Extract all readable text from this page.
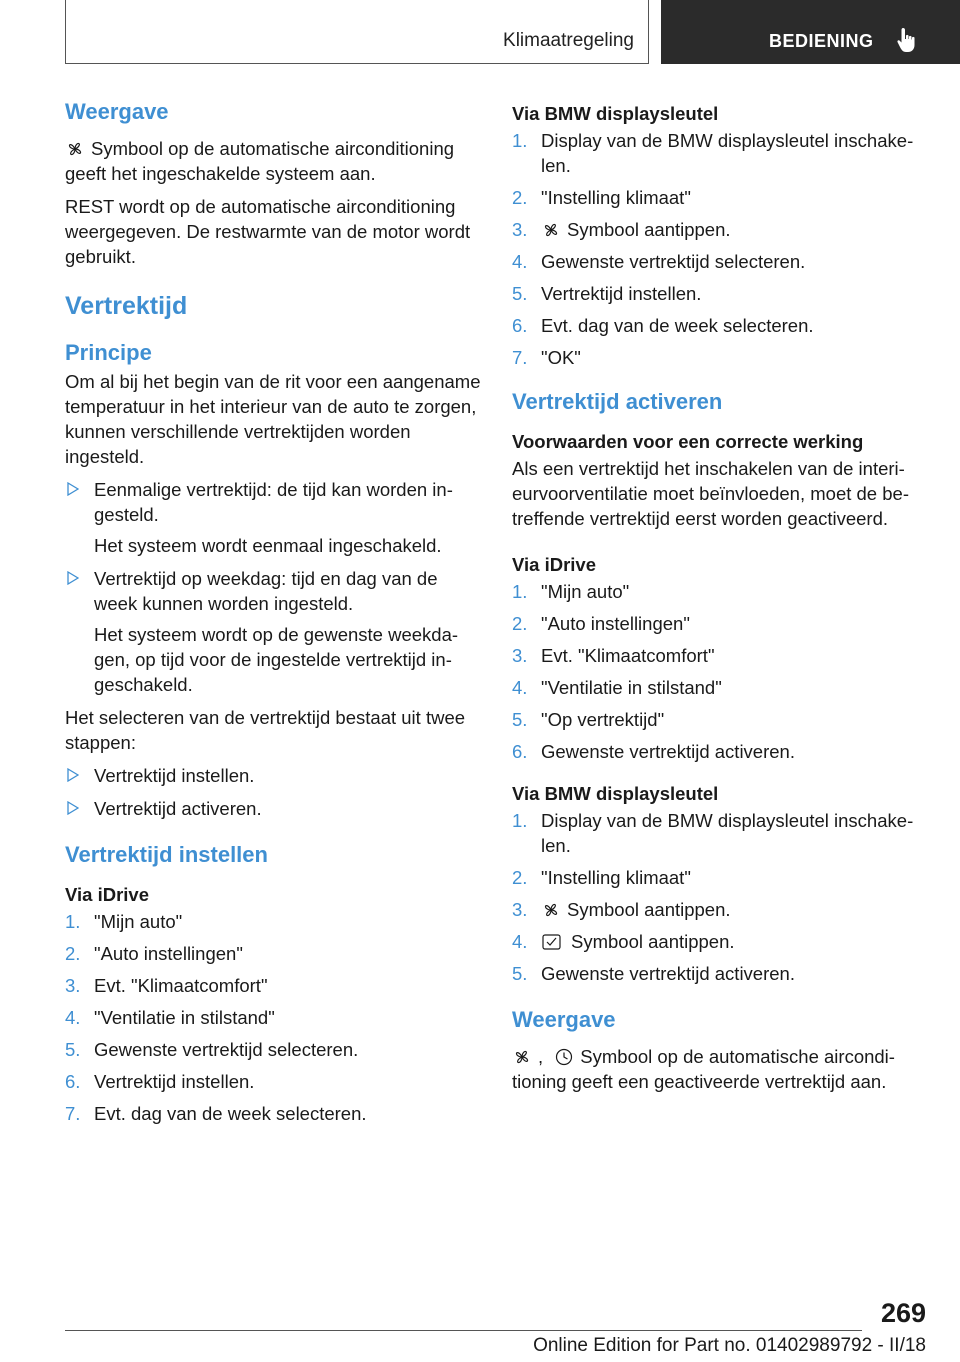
Klimaatregeling	BEDIENING
Weergave

Symbool op de automatische airconditioning geeft het ingeschakelde systeem aan.

REST wordt op de automatische airconditioning weergegeven. De restwarmte van de motor wordt gebruikt.

Vertrektijd
Principe

Om al bij het begin van de rit voor een aangename temperatuur in het interieur van de auto te zorgen, kunnen verschillende vertrektijden worden ingesteld.

Eenmalige vertrektijd: de tijd kan worden ingesteld.
Het systeem wordt eenmaal ingeschakeld.
Vertrektijd op weekdag: tijd en dag van de week kunnen worden ingesteld.
Het systeem wordt op de gewenste weekdagen, op tijd voor de ingestelde vertrektijd ingeschakeld.

Het selecteren van de vertrektijd bestaat uit twee stappen:

Vertrektijd instellen.
Vertrektijd activeren.
Vertrektijd instellen
Via iDrive
1. "Mijn auto"
2. "Auto instellingen"
3. Evt. "Klimaatcomfort"
4. "Ventilatie in stilstand"
5. Gewenste vertrektijd selecteren.
6. Vertrektijd instellen.
7. Evt. dag van de week selecteren.
Via BMW displaysleutel
1. Display van de BMW displaysleutel inschakelen.
2. "Instelling klimaat"
3. Symbool aantippen.
4. Gewenste vertrektijd selecteren.
5. Vertrektijd instellen.
6. Evt. dag van de week selecteren.
7. "OK"
Vertrektijd activeren
Voorwaarden voor een correcte werking

Als een vertrektijd het inschakelen van de interieurvoorventilatie moet beïnvloeden, moet de betreffende vertrektijd eerst worden geactiveerd.

Via iDrive
1. "Mijn auto"
2. "Auto instellingen"
3. Evt. "Klimaatcomfort"
4. "Ventilatie in stilstand"
5. "Op vertrektijd"
6. Gewenste vertrektijd activeren.
Via BMW displaysleutel
1. Display van de BMW displaysleutel inschakelen.
2. "Instelling klimaat"
3. Symbool aantippen.
4. Symbool aantippen.
5. Gewenste vertrektijd activeren.
Weergave

, Symbool op de automatische airconditioning geeft een geactiveerde vertrektijd aan.

269
Online Edition for Part no. 01402989792 - II/18
